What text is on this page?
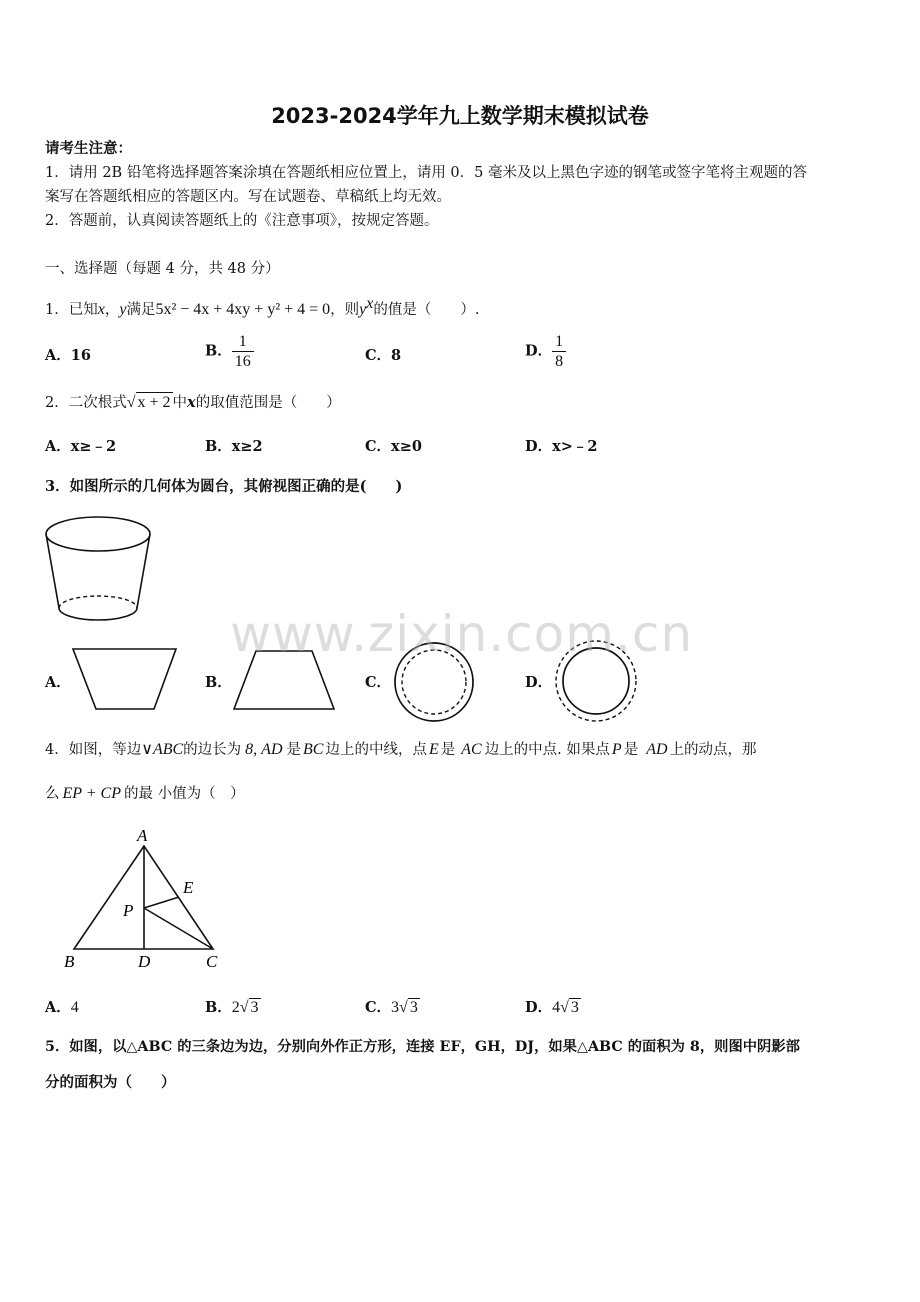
2023-2024学年九上数学期末模拟试卷
请考生注意：
1．请用 2B 铅笔将选择题答案涂填在答题纸相应位置上，请用 0．5 毫米及以上黑色字迹的钢笔或签字笔将主观题的答
案写在答题纸相应的答题区内。写在试题卷、草稿纸上均无效。
2．答题前，认真阅读答题纸上的《注意事项》，按规定答题。
一、选择题（每题 4 分，共 48 分）
1．已知x，y满足5x² − 4x + 4xy + y² + 4 = 0，则$y^x$的值是（　　）.
A．16	B． $\frac{1}{16}$	C．8	D． $\frac{1}{8}$
2．二次根式√ x + 2 中x的取值范围是（　　）
A．x≥﹣2	B．x≥2	C．x≥0	D．x>﹣2
3．如图所示的几何体为圆台，其俯视图正确的是(　　)
A．	B．	C．	D．
www.zixin.com.cn
4．如图，等边∨ABC的边长为 8, AD 是 BC 边上的中线，点 E 是 AC 边上的中点. 如果点 P 是 AD 上的动点，那
么 EP + CP 的最 小值为（　）
A
B	D	C
E
P
A．4	B．2√ 3	C．3√ 3	D．4√ 3
5．如图，以△ABC 的三条边为边，分别向外作正方形，连接 EF，GH，DJ，如果△ABC 的面积为 8，则图中阴影部
分的面积为（　　）
